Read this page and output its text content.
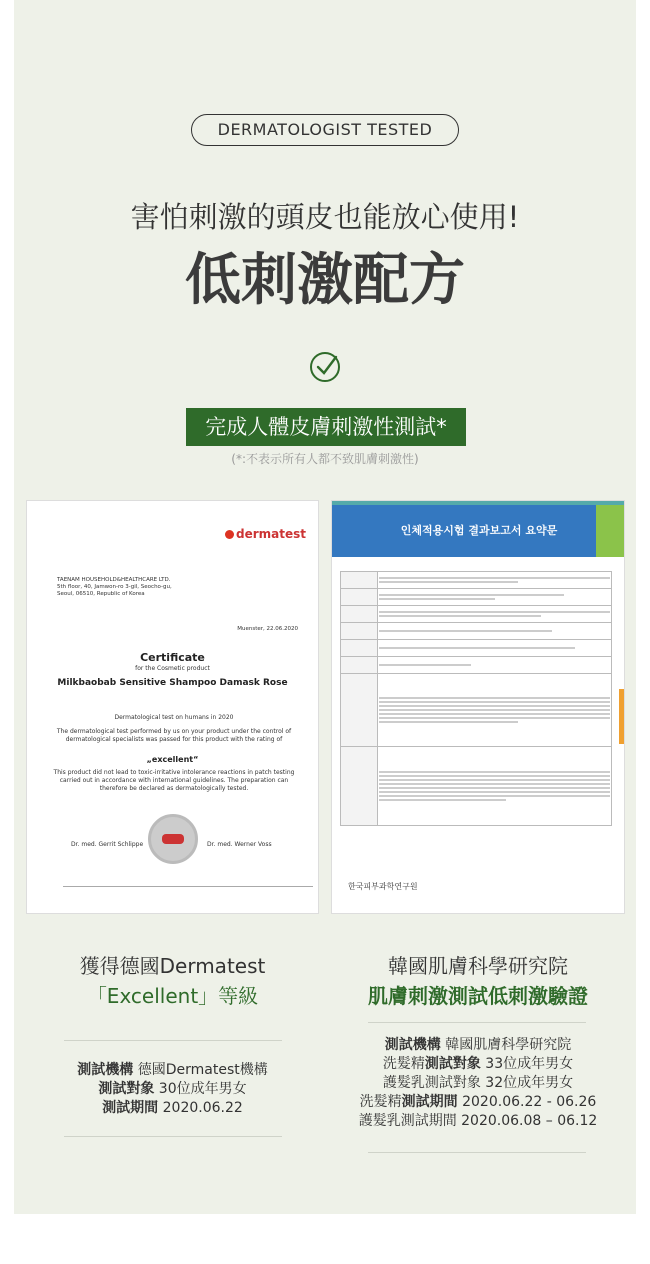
DERMATOLOGIST TESTED
害怕刺激的頭皮也能放心使用!
低刺激配方
完成人體皮膚刺激性測試*
(*:不表示所有人都不致肌膚刺激性)
dermatest
TAENAM HOUSEHOLD&HEALTHCARE LTD.
5th floor, 40, Jamwon-ro 3-gil, Seocho-gu,
Seoul, 06510, Republic of Korea
Muenster, 22.06.2020
Certificate
for the Cosmetic product
Milkbaobab Sensitive Shampoo Damask Rose
Dermatological test on humans in 2020
The dermatological test performed by us on your product under the control of dermatological specialists was passed for this product with the rating of
„excellent“
This product did not lead to toxic-irritative intolerance reactions in patch testing carried out in accordance with international guidelines. The preparation can therefore be declared as dermatologically tested.
Dr. med. Gerrit Schlippe	Dr. med. Werner Voss
인체적용시험 결과보고서 요약문

한국피부과학연구원
獲得德國Dermatest
「Excellent」等級
韓國肌膚科學研究院
肌膚刺激測試低刺激驗證
測試機構 德國Dermatest機構
測試對象 30位成年男女
測試期間 2020.06.22
測試機構 韓國肌膚科學研究院
洗髮精測試對象 33位成年男女
護髮乳測試對象 32位成年男女
洗髮精測試期間 2020.06.22 - 06.26
護髮乳測試期間 2020.06.08 – 06.12
